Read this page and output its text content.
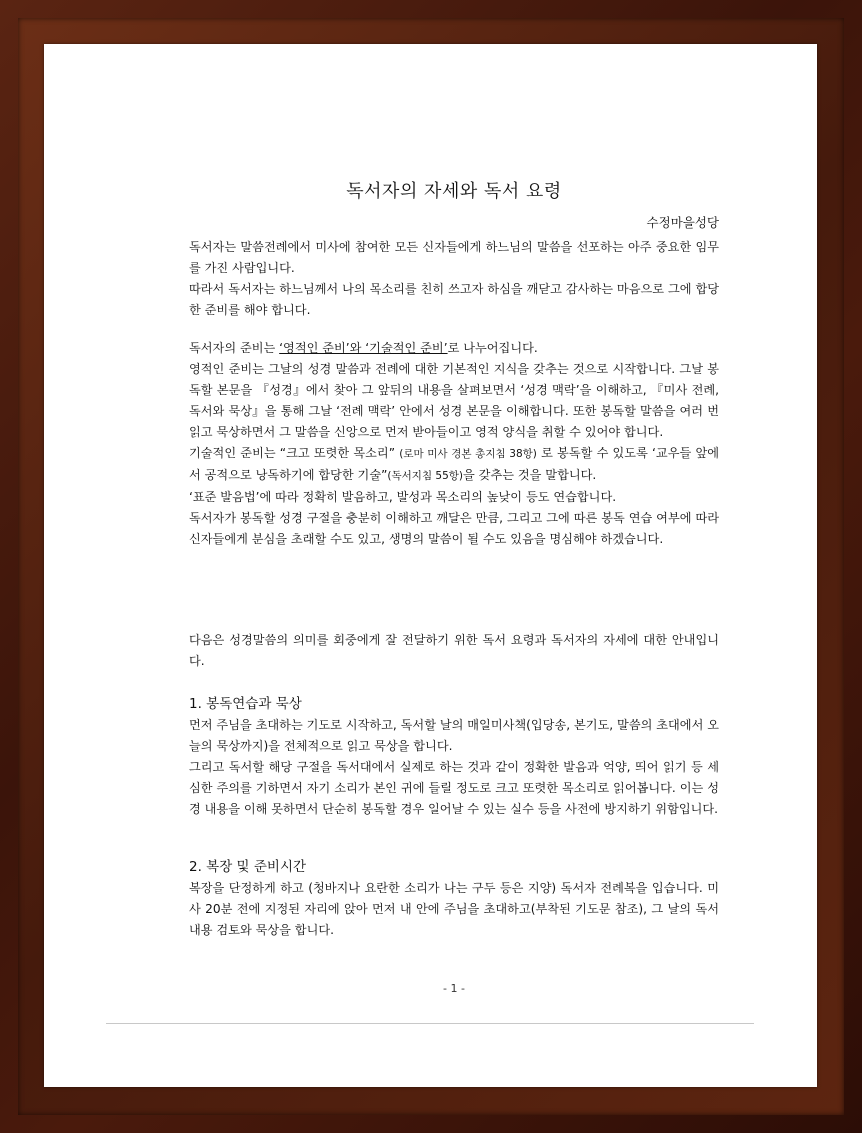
독서자의 자세와 독서 요령
수정마을성당

독서자는 말씀전례에서 미사에 참여한 모든 신자들에게 하느님의 말씀을 선포하는 아주 중요한 임무를 가진 사람입니다.

따라서 독서자는 하느님께서 나의 목소리를 친히 쓰고자 하심을 깨닫고 감사하는 마음으로 그에 합당한 준비를 해야 합니다.

독서자의 준비는 ‘영적인 준비’와 ‘기술적인 준비’로 나누어집니다.

영적인 준비는 그날의 성경 말씀과 전례에 대한 기본적인 지식을 갖추는 것으로 시작합니다. 그날 봉독할 본문을 『성경』에서 찾아 그 앞뒤의 내용을 살펴보면서 ‘성경 맥락’을 이해하고, 『미사 전례, 독서와 묵상』을 통해 그날 ‘전례 맥락’ 안에서 성경 본문을 이해합니다. 또한 봉독할 말씀을 여러 번 읽고 묵상하면서 그 말씀을 신앙으로 먼저 받아들이고 영적 양식을 취할 수 있어야 합니다.

기술적인 준비는 “크고 또렷한 목소리” (로마 미사 경본 총지침 38항) 로 봉독할 수 있도록 ‘교우들 앞에서 공적으로 낭독하기에 합당한 기술”(독서지침 55항)을 갖추는 것을 말합니다.

‘표준 발음법’에 따라 정확히 발음하고, 발성과 목소리의 높낮이 등도 연습합니다.

독서자가 봉독할 성경 구절을 충분히 이해하고 깨달은 만큼, 그리고 그에 따른 봉독 연습 여부에 따라 신자들에게 분심을 초래할 수도 있고, 생명의 말씀이 될 수도 있음을 명심해야 하겠습니다.

다음은 성경말씀의 의미를 회중에게 잘 전달하기 위한 독서 요령과 독서자의 자세에 대한 안내입니다.

1. 봉독연습과 묵상

먼저 주님을 초대하는 기도로 시작하고, 독서할 날의 매일미사책(입당송, 본기도, 말씀의 초대에서 오늘의 묵상까지)을 전체적으로 읽고 묵상을 합니다.

그리고 독서할 해당 구절을 독서대에서 실제로 하는 것과 같이 정확한 발음과 억양, 띄어 읽기 등 세심한 주의를 기하면서 자기 소리가 본인 귀에 들릴 정도로 크고 또렷한 목소리로 읽어봅니다. 이는 성경 내용을 이해 못하면서 단순히 봉독할 경우 일어날 수 있는 실수 등을 사전에 방지하기 위함입니다.

2. 복장 및 준비시간

복장을 단정하게 하고 (청바지나 요란한 소리가 나는 구두 등은 지양) 독서자 전례복을 입습니다. 미사 20분 전에 지정된 자리에 앉아 먼저 내 안에 주님을 초대하고(부착된 기도문 참조), 그 날의 독서 내용 검토와 묵상을 합니다.

- 1 -
